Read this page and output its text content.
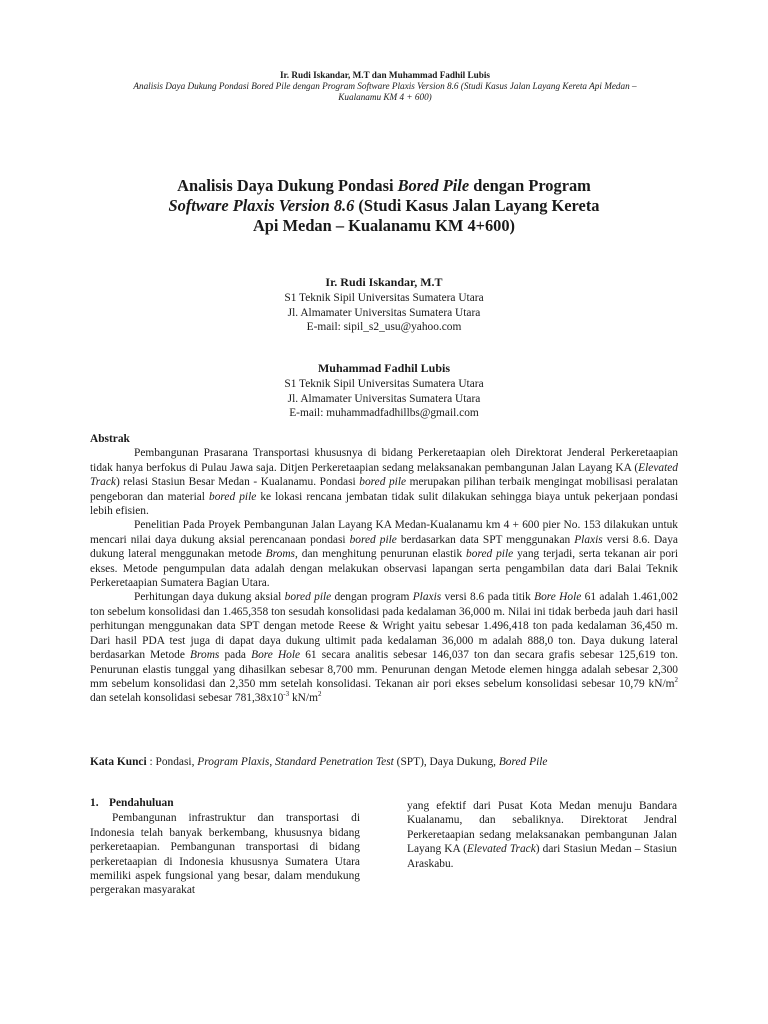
Ir. Rudi Iskandar, M.T dan Muhammad Fadhil Lubis
Analisis Daya Dukung Pondasi Bored Pile dengan Program Software Plaxis Version 8.6 (Studi Kasus Jalan Layang Kereta Api Medan –
Kualanamu KM 4 + 600)
Analisis Daya Dukung Pondasi Bored Pile dengan Program
Software Plaxis Version 8.6 (Studi Kasus Jalan Layang Kereta
Api Medan – Kualanamu KM 4+600)
Ir. Rudi Iskandar, M.T
S1 Teknik Sipil Universitas Sumatera Utara
Jl. Almamater Universitas Sumatera Utara
E-mail: sipil_s2_usu@yahoo.com
Muhammad Fadhil Lubis
S1 Teknik Sipil Universitas Sumatera Utara
Jl. Almamater Universitas Sumatera Utara
E-mail: muhammadfadhillbs@gmail.com
Abstrak

Pembangunan Prasarana Transportasi khususnya di bidang Perkeretaapian oleh Direktorat Jenderal Perkeretaapian tidak hanya berfokus di Pulau Jawa saja. Ditjen Perkeretaapian sedang melaksanakan pembangunan Jalan Layang KA (Elevated Track) relasi Stasiun Besar Medan - Kualanamu. Pondasi bored pile merupakan pilihan terbaik mengingat mobilisasi peralatan pengeboran dan material bored pile ke lokasi rencana jembatan tidak sulit dilakukan sehingga biaya untuk pekerjaan pondasi lebih efisien.

Penelitian Pada Proyek Pembangunan Jalan Layang KA Medan-Kualanamu km 4 + 600 pier No. 153 dilakukan untuk mencari nilai daya dukung aksial perencanaan pondasi bored pile berdasarkan data SPT menggunakan Plaxis versi 8.6. Daya dukung lateral menggunakan metode Broms, dan menghitung penurunan elastik bored pile yang terjadi, serta tekanan air pori ekses. Metode pengumpulan data adalah dengan melakukan observasi lapangan serta pengambilan data dari Balai Teknik Perkeretaapian Sumatera Bagian Utara.

Perhitungan daya dukung aksial bored pile dengan program Plaxis versi 8.6 pada titik Bore Hole 61 adalah 1.461,002 ton sebelum konsolidasi dan 1.465,358 ton sesudah konsolidasi pada kedalaman 36,000 m. Nilai ini tidak berbeda jauh dari hasil perhitungan menggunakan data SPT dengan metode Reese & Wright yaitu sebesar 1.496,418 ton pada kedalaman 36,450 m. Dari hasil PDA test juga di dapat daya dukung ultimit pada kedalaman 36,000 m adalah 888,0 ton. Daya dukung lateral berdasarkan Metode Broms pada Bore Hole 61 secara analitis sebesar 146,037 ton dan secara grafis sebesar 125,619 ton. Penurunan elastis tunggal yang dihasilkan sebesar 8,700 mm. Penurunan dengan Metode elemen hingga adalah sebesar 2,300 mm sebelum konsolidasi dan 2,350 mm setelah konsolidasi. Tekanan air pori ekses sebelum konsolidasi sebesar 10,79 $kN/m^2$ dan setelah konsolidasi sebesar $781,38x10^{-3}$ $kN/m^2$

Kata Kunci : Pondasi, Program Plaxis, Standard Penetration Test (SPT), Daya Dukung, Bored Pile
1. Pendahuluan

Pembangunan infrastruktur dan transportasi di Indonesia telah banyak berkembang, khususnya bidang perkeretaapian. Pembangunan transportasi di bidang perkeretaapian di Indonesia khususnya Sumatera Utara memiliki aspek fungsional yang besar, dalam mendukung pergerakan masyarakat

yang efektif dari Pusat Kota Medan menuju Bandara Kualanamu, dan sebaliknya. Direktorat Jendral Perkeretaapian sedang melaksanakan pembangunan Jalan Layang KA (Elevated Track) dari Stasiun Medan – Stasiun Araskabu.
